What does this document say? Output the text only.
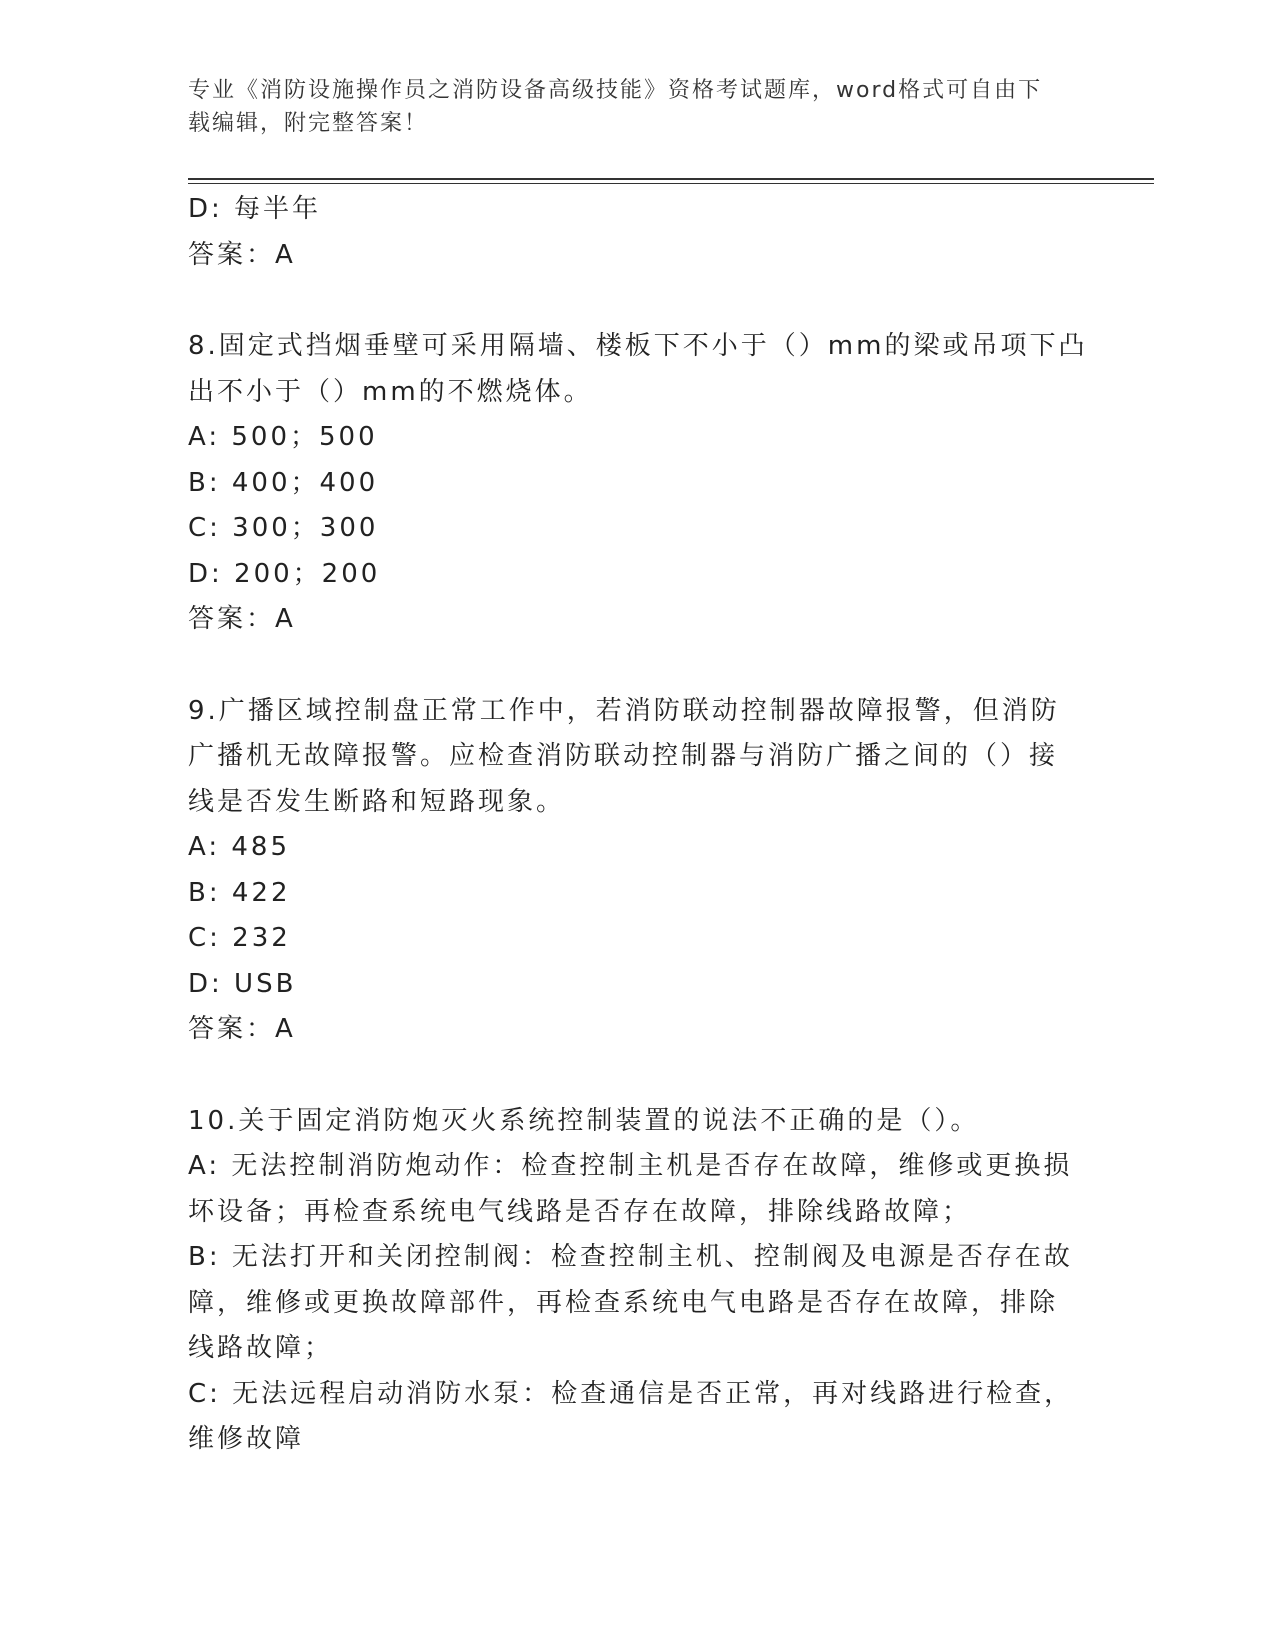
专业《消防设施操作员之消防设备高级技能》资格考试题库，word格式可自由下
载编辑，附完整答案！
D: 每半年
答案：A
8.固定式挡烟垂壁可采用隔墙、楼板下不小于（）mm的梁或吊项下凸
出不小于（）mm的不燃烧体。
A: 500；500
B: 400；400
C: 300；300
D: 200；200
答案：A
9.广播区域控制盘正常工作中，若消防联动控制器故障报警，但消防
广播机无故障报警。应检查消防联动控制器与消防广播之间的（）接
线是否发生断路和短路现象。
A: 485
B: 422
C: 232
D: USB
答案：A
10.关于固定消防炮灭火系统控制装置的说法不正确的是（）。
A: 无法控制消防炮动作：检查控制主机是否存在故障，维修或更换损
坏设备；再检查系统电气线路是否存在故障，排除线路故障；
B: 无法打开和关闭控制阀：检查控制主机、控制阀及电源是否存在故
障，维修或更换故障部件，再检查系统电气电路是否存在故障，排除
线路故障；
C: 无法远程启动消防水泵：检查通信是否正常，再对线路进行检查，
维修故障
